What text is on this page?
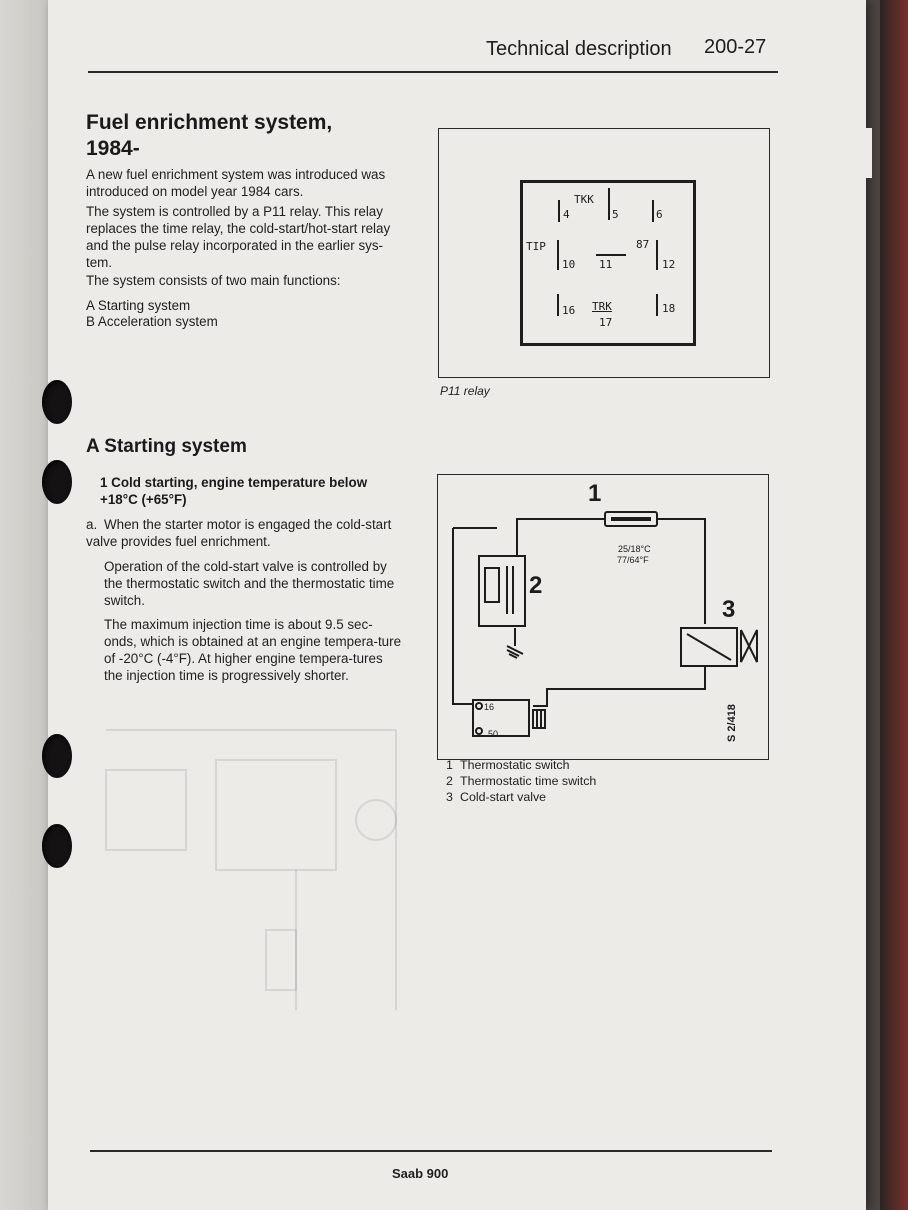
Technical description 200-27
Fuel enrichment system, 1984-

A new fuel enrichment system was introduced was introduced on model year 1984 cars.

The system is controlled by a P11 relay. This relay replaces the time relay, the cold-start/hot-start relay and the pulse relay incorporated in the earlier sys-tem.

The system consists of two main functions:

A Starting system

B Acceleration system

A Starting system
1 Cold starting, engine temperature below +18°C (+65°F)
a. When the starter motor is engaged the cold-start valve provides fuel enrichment.
Operation of the cold-start valve is controlled by the thermostatic switch and the thermostatic time switch.
The maximum injection time is about 9.5 sec-onds, which is obtained at an engine tempera-ture of -20°C (-4°F). At higher engine tempera-tures the injection time is progressively shorter.
TKK
4	5	6
TIP
10 11
87
12
16 TRK
17
18
P11 relay
1
2
3
25/18°C
77/64°F
16
50	S 2/418
1 Thermostatic switch
2 Thermostatic time switch
3 Cold-start valve
Saab 900
